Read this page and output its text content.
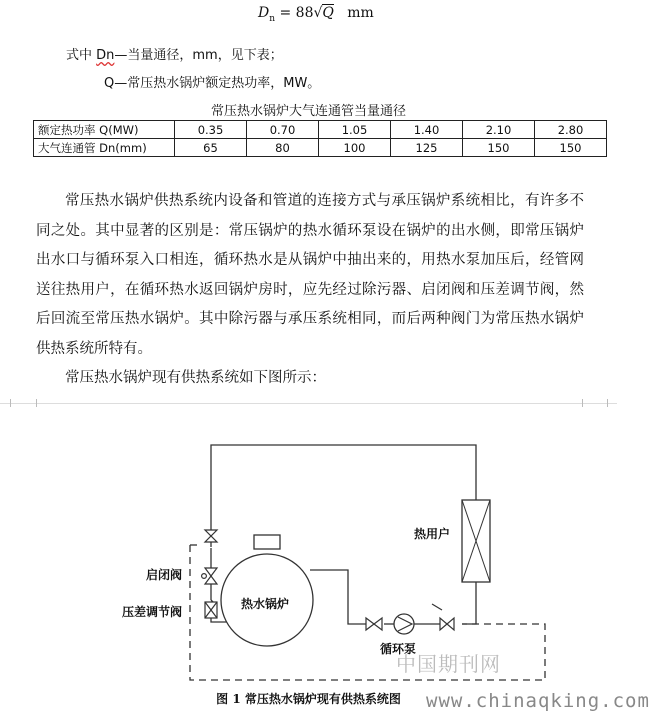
$D_n = 88√Q$ mm
式中 Dn—当量通径，mm，见下表；
Q—常压热水锅炉额定热功率，MW。
常压热水锅炉大气连通管当量通径
额定热功率 Q(MW)	0.35	0.70	1.05	1.40	2.10	2.80
大气连通管 Dn(mm)	65	80	100	125	150	150

常压热水锅炉供热系统内设备和管道的连接方式与承压锅炉系统相比，有许多不同之处。其中显著的区别是：常压锅炉的热水循环泵设在锅炉的出水侧，即常压锅炉出水口与循环泵入口相连，循环热水是从锅炉中抽出来的，用热水泵加压后，经管网送往热用户，在循环热水返回锅炉房时，应先经过除污器、启闭阀和压差调节阀，然后回流至常压热水锅炉。其中除污器与承压系统相同，而后两种阀门为常压热水锅炉供热系统所特有。

常压热水锅炉现有供热系统如下图所示：

热用户
启闭阀
压差调节阀
热水锅炉
循环泵
图 1 常压热水锅炉现有供热系统图
中国期刊网
www.chinaqking.com
